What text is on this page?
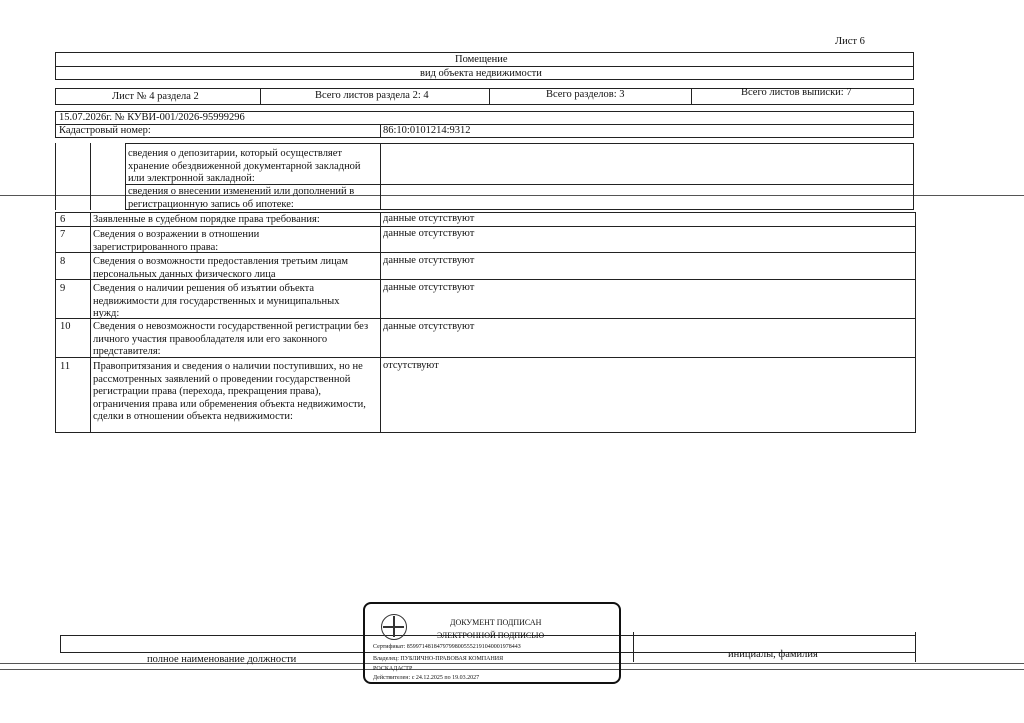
Лист 6
Помещение
вид объекта недвижимости
Лист № 4 раздела 2	Всего листов раздела 2: 4	Всего разделов: 3	Всего листов выписки: 7
15.07.2026г. № КУВИ-001/2026-95999296
Кадастровый номер:	86:10:0101214:9312
сведения о депозитарии, который осуществляет хранение обездвиженной документарной закладной или электронной закладной:
сведения о внесении изменений или дополнений в регистрационную запись об ипотеке:
6	Заявленные в судебном порядке права требования:	данные отсутствуют
7	Сведения о возражении в отношении зарегистрированного права:
данные отсутствуют
8	Сведения о возможности предоставления третьим лицам персональных данных физического лица
данные отсутствуют
9	Сведения о наличии решения об изъятии объекта недвижимости для государственных и муниципальных нужд:
данные отсутствуют
10 Сведения о невозможности государственной регистрации без личного участия правообладателя или его законного представителя:
данные отсутствуют
11 Правопритязания и сведения о наличии поступивших, но не рассмотренных заявлений о проведении государственной регистрации права (перехода, прекращения права), ограничения права или обременения объекта недвижимости, сделки в отношении объекта недвижимости:
отсутствуют
полное наименование должности	инициалы, фамилия
ДОКУМЕНТ ПОДПИСАН
ЭЛЕКТРОННОЙ ПОДПИСЬЮ
Сертификат: 8599714818479799800555219104000197844З
Владелец: ПУБЛИЧНО-ПРАВОВАЯ КОМПАНИЯ
РОСКАДАСТР
Действителен: с 24.12.2025 по 19.03.2027
